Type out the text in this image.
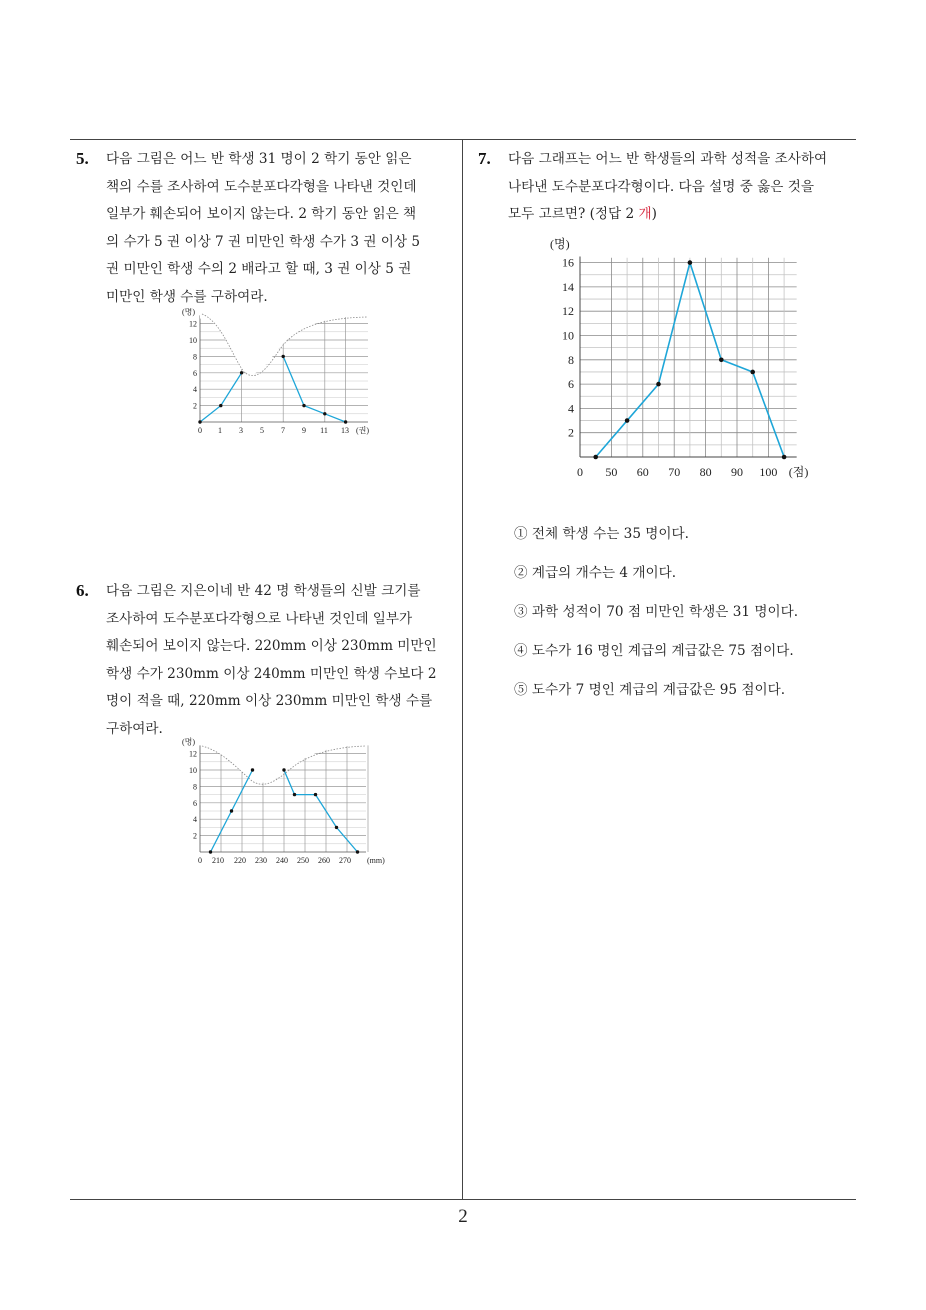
5. 다음 그림은 어느 반 학생 31 명이 2 학기 동안 읽은
책의 수를 조사하여 도수분포다각형을 나타낸 것인데
일부가 훼손되어 보이지 않는다. 2 학기 동안 읽은 책
의 수가 5 권 이상 7 권 미만인 학생 수가 3 권 이상 5
권 미만인 학생 수의 2 배라고 할 때, 3 권 이상 5 권
미만인 학생 수를 구하여라.
2
4
6
8
10
12
0 1 3 5 7 9 11 13
(명)
(권)
6. 다음 그림은 지은이네 반 42 명 학생들의 신발 크기를
조사하여 도수분포다각형으로 나타낸 것인데 일부가
훼손되어 보이지 않는다. 220mm 이상 230mm 미만인
학생 수가 230mm 이상 240mm 미만인 학생 수보다 2
명이 적을 때, 220mm 이상 230mm 미만인 학생 수를
구하여라.
2
4
6
8
10
12
0 210 220 230 240 250 260 270
(명)
(mm)
7. 다음 그래프는 어느 반 학생들의 과학 성적을 조사하여
나타낸 도수분포다각형이다. 다음 설명 중 옳은 것을
모두 고르면? (정답 2 개)
2
4
6
8
10
12
14
16
0 50 60 70 80 90 100
(명)
(점)
① 전체 학생 수는 35 명이다.
② 계급의 개수는 4 개이다.
③ 과학 성적이 70 점 미만인 학생은 31 명이다.
④ 도수가 16 명인 계급의 계급값은 75 점이다.
⑤ 도수가 7 명인 계급의 계급값은 95 점이다.
2
